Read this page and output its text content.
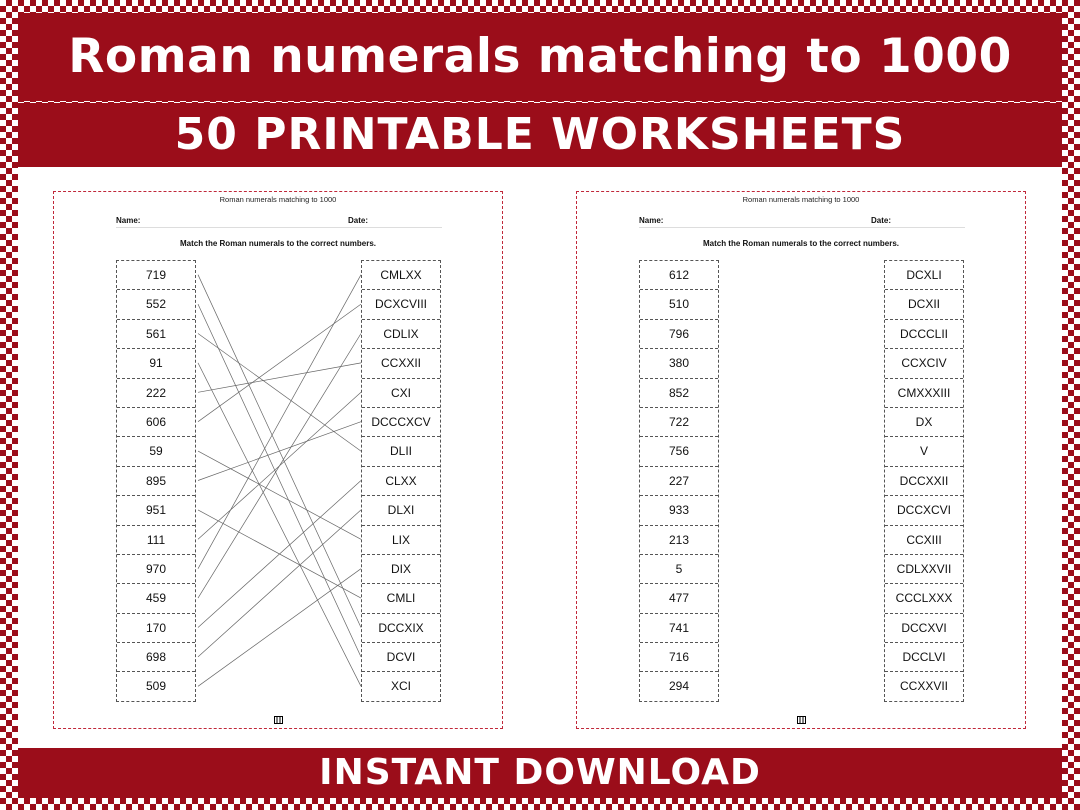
Roman numerals matching to 1000
50 PRINTABLE WORKSHEETS
Roman numerals matching to 1000
Name:	Date:
Match the Roman numerals to the correct numbers.
719
552
561
91
222
606
59
895
951
111
970
459
170
698
509
CMLXX
DCXCVIII
CDLIX
CCXXII
CXI
DCCCXCV
DLII
CLXX
DLXI
LIX
DIX
CMLI
DCCXIX
DCVI
XCI
Roman numerals matching to 1000
Name:	Date:
Match the Roman numerals to the correct numbers.
612
510
796
380
852
722
756
227
933
213
5
477
741
716
294
DCXLI
DCXII
DCCCLII
CCXCIV
CMXXXIII
DX
V
DCCXXII
DCCXCVI
CCXIII
CDLXXVII
CCCLXXX
DCCXVI
DCCLVI
CCXXVII
INSTANT DOWNLOAD
